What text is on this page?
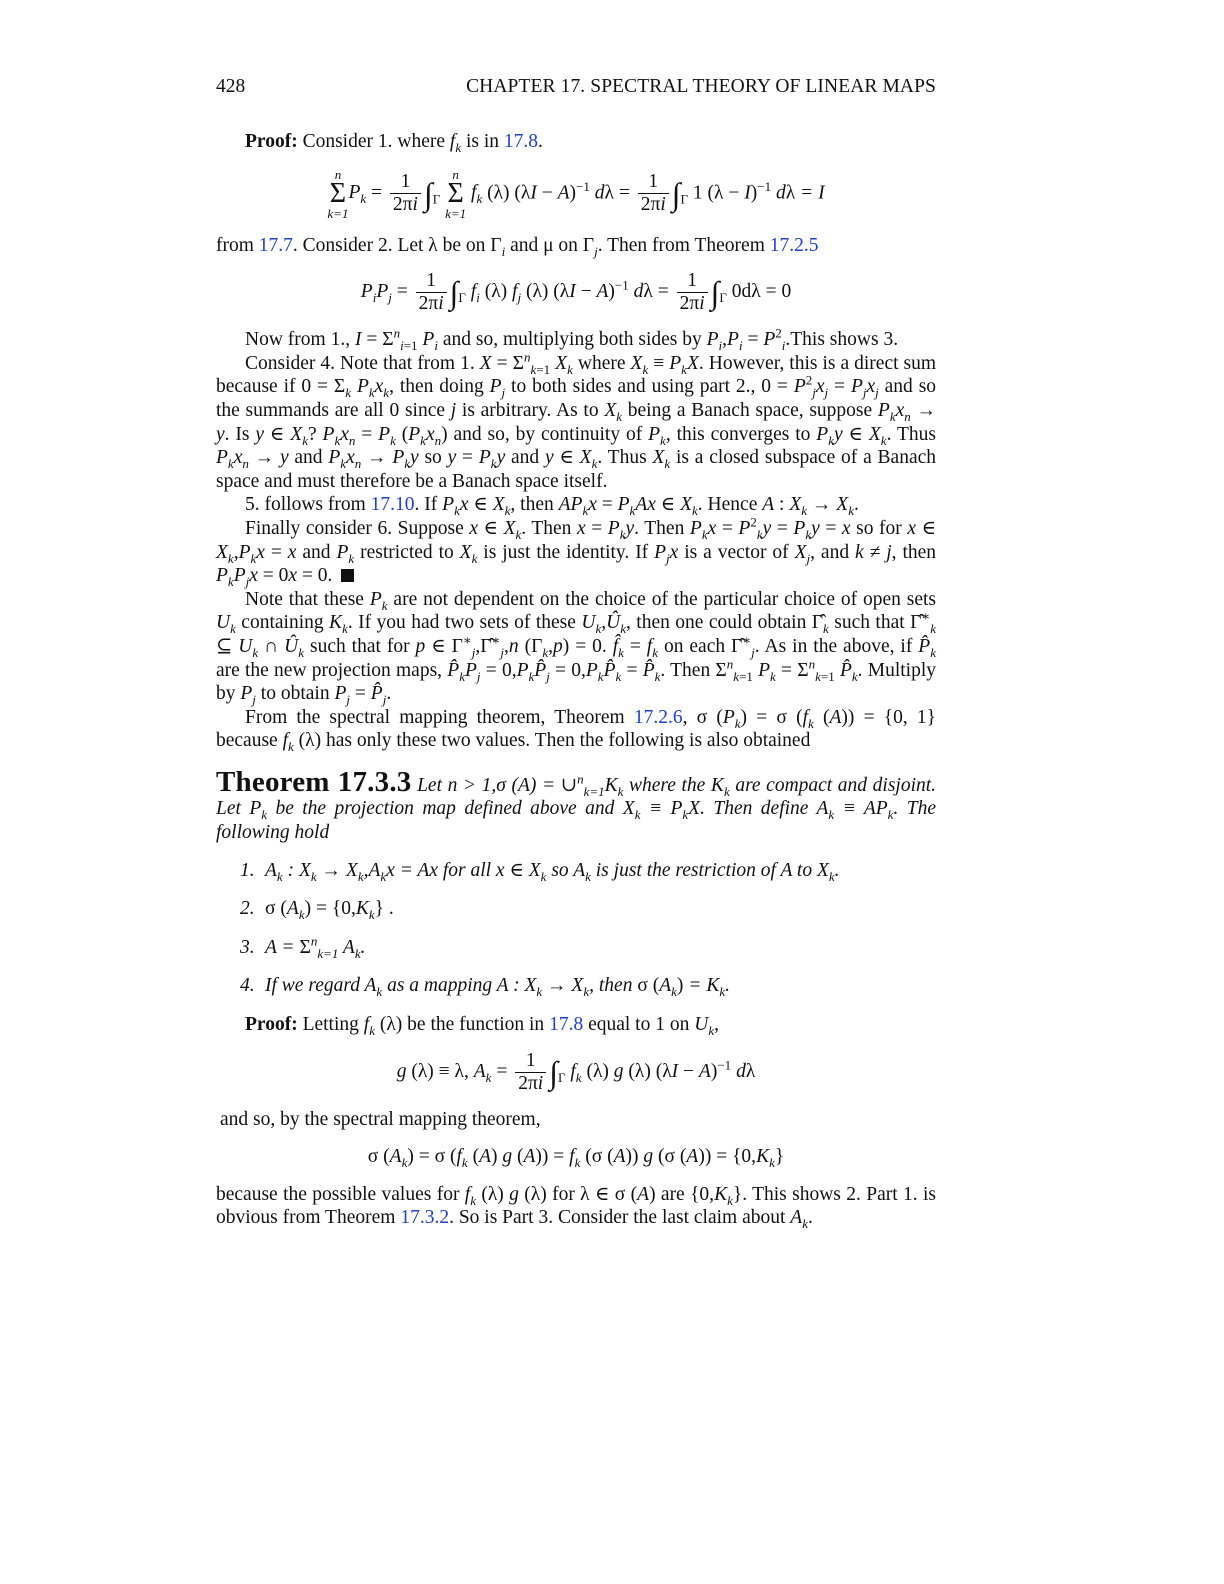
428	CHAPTER 17. SPECTRAL THEORY OF LINEAR MAPS

Proof: Consider 1. where $f_k$ is in 17.8.

n
Σ
k=1
$P_k = \frac{1}{2\pi i} \int_\Gamma$
n
Σ
k=1
$f_k$ (λ) $(\lambda I - A)^{-1}$ $d\lambda = \frac{1}{2\pi i} \int_\Gamma$ 1 $(\lambda - I)^{-1}$ dλ = I

from 17.7. Consider 2. Let λ be on $\Gamma_i$ and μ on $\Gamma_j$. Then from Theorem 17.2.5

$P_iP_j = \frac{1}{2\pi i} \int_\Gamma$ $f_i$ (λ) $f_j$ (λ) $(\lambda I - A)^{-1}$ $d\lambda = \frac{1}{2\pi i} \int_\Gamma$ 0dλ = 0

Now from 1., $I = \Sigma^n_{i=1}$ $P_i$ and so, multiplying both sides by $P_i,P_i$ = $P^2_i.This$ shows 3.

Consider 4. Note that from 1. $X = \Sigma^n_{k=1}$ $X_k$ where $X_k \equiv P_kX$. However, this is a direct sum because if $0 = \Sigma_k$ $P_kx_k$, then doing $P_j$ to both sides and using part 2., $0 = P^2_jx_j = P_jx_j$ and so the summands are all 0 since j is arbitrary. As to $X_k$ being a Banach space, suppose $P_kx_n \to y$. Is y ∈ $X_k$? $P_kx_n = P_k$ $(P_kx_n)$ and so, by continuity of $P_k$, this converges to $P_ky$ ∈ $X_k$. Thus $P_kx_n \to y$ and $P_kx_n \to P_ky$ so $y = P_ky$ and y ∈ $X_k$. Thus $X_k$ is a closed subspace of a Banach space and must therefore be a Banach space itself.

5. follows from 17.10. If $P_kx$ ∈ $X_k$, then $AP_kx = P_kAx$ ∈ $X_k$. Hence A : $X_k \to X_k$.

Finally consider 6. Suppose x ∈ $X_k$. Then $x = P_ky$. Then $P_kx = P^2_ky = P_ky = x$ so for x ∈ $X_k,P_kx = x$ and $P_k$ restricted to $X_k$ is just the identity. If $P_jx$ is a vector of $X_j$, and k ≠ j, then $P_kP_jx = 0x = 0$.

Note that these $P_k$ are not dependent on the choice of the particular choice of open sets $U_k$ containing $K_k$. If you had two sets of these $U_k,Û_k$, then one could obtain $\Gammâ_k$ such that $\Gammâ^∗_k$ ⊆ $U_k$ ∩ $Û_k$ such that for p ∈ $\Gamma^∗_j,\Gammâ^∗_j,n$ $(\Gamma_k,p) = 0$. $f̂_k = f_k$ on each $\Gammâ^∗_j$. As in the above, if $P̂_k$ are the new projection maps, $P̂_kP_j$ = $0,P_kP̂_j$ = $0,P_kP̂_k$ = $P̂_k$. Then $\Sigma^n_{k=1}$ $P_k = \Sigma^n_{k=1}$ $P̂_k$. Multiply by $P_j$ to obtain $P_j$ = $P̂_j$.

From the spectral mapping theorem, Theorem 17.2.6, σ $(P_k) = \sigma$ ($f_k$ (A)) = {0, 1} because $f_k$ (λ) has only these two values. Then the following is also obtained

Theorem 17.3.3 Let n > 1,σ $(A) = \cup^n_{k=1}K_k$ where the $K_k$ are compact and disjoint. Let $P_k$ be the projection map defined above and $X_k \equiv P_kX$. Then define $A_k \equiv AP_k$. The following hold

1. $A_k$ : $X_k \to X_k,A_kx = Ax$ for all x ∈ $X_k$ so $A_k$ is just the restriction of A to $X_k$.
2. σ $(A_k) = \{0,K_k\}$ .
3. $A = \Sigma^n_{k=1}$ $A_k$.
4. If we regard $A_k$ as a mapping A : $X_k \to X_k$, then σ $(A_k) = K_k$.

Proof: Letting $f_k$ (λ) be the function in 17.8 equal to 1 on $U_k$,

g (λ) ≡ λ, $A_k = \frac{1}{2\pi i} \int_\Gamma$ $f_k$ (λ) g (λ) $(\lambda I - A)^{-1}$ dλ

and so, by the spectral mapping theorem,

σ $(A_k) = \sigma$ ($f_k$ (A) g $(A)) = f_k$ (σ (A)) g (σ $(A)) = \{0,K_k\}$

because the possible values for $f_k$ (λ) g (λ) for λ ∈ σ (A) are $\{0,K_k\}$. This shows 2. Part 1. is obvious from Theorem 17.3.2. So is Part 3. Consider the last claim about $A_k$.
